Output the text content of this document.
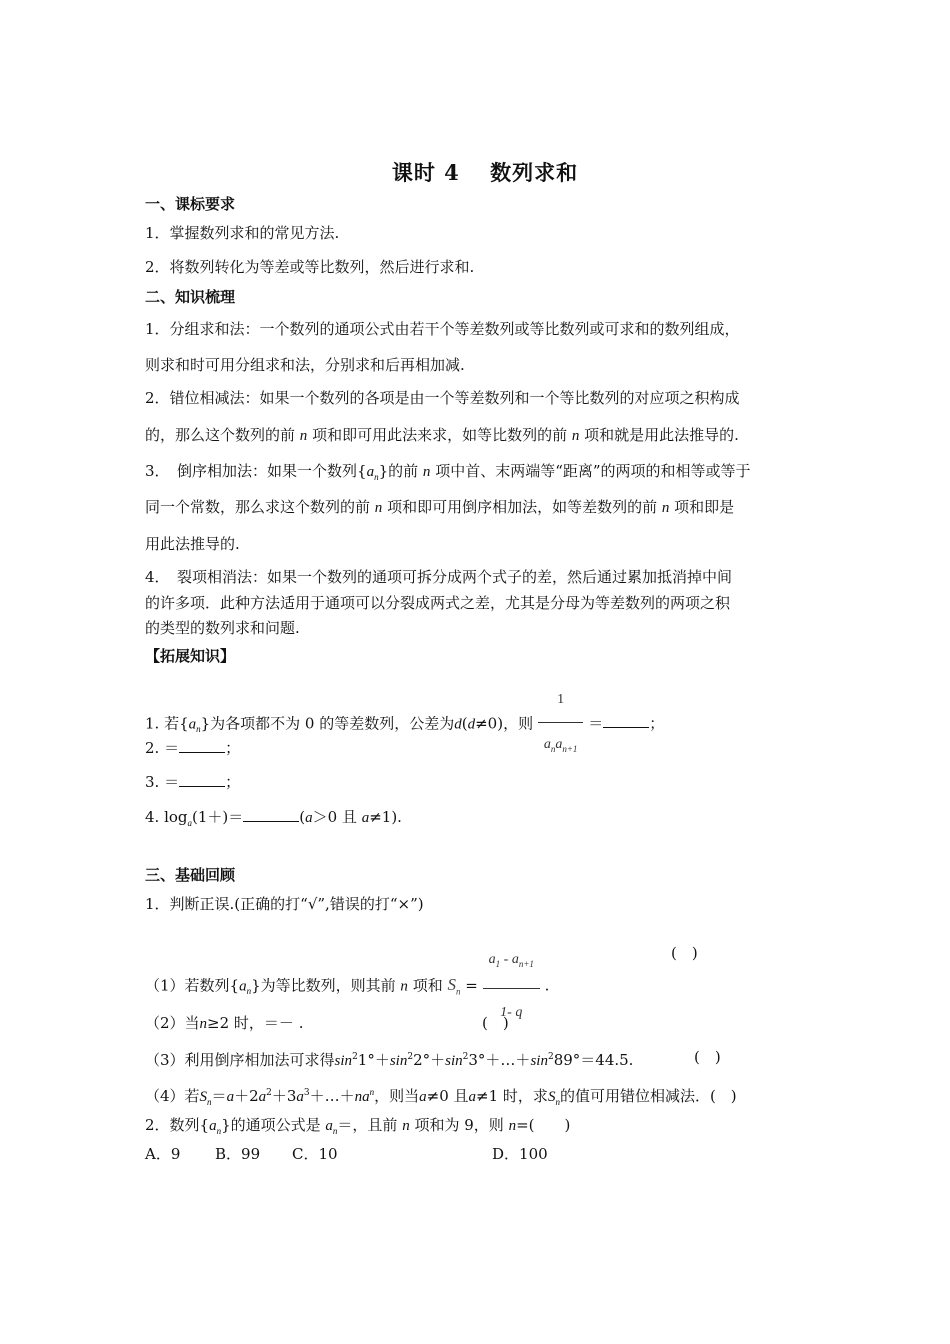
课时 4　 数列求和
一、课标要求
1．掌握数列求和的常见方法.
2．将数列转化为等差或等比数列，然后进行求和.
二、知识梳理
1．分组求和法：一个数列的通项公式由若干个等差数列或等比数列或可求和的数列组成，
则求和时可用分组求和法，分别求和后再相加减.
2．错位相减法：如果一个数列的各项是由一个等差数列和一个等比数列的对应项之积构成
的，那么这个数列的前 n 项和即可用此法来求，如等比数列的前 n 项和就是用此法推导的.
3．　倒序相加法：如果一个数列$\{a_n\}$的前 n 项中首、末两端等“距离”的两项的和相等或等于
同一个常数，那么求这个数列的前 n 项和即可用倒序相加法，如等差数列的前 n 项和即是
用此法推导的.
4．　裂项相消法：如果一个数列的通项可拆分成两个式子的差，然后通过累加抵消掉中间
的许多项．此种方法适用于通项可以分裂成两式之差，尤其是分母为等差数列的两项之积
的类型的数列求和问题.
【拓展知识】
1. 若$\{a_n\}$为各项都不为 0 的等差数列，公差为d(d≠0)，则 $\frac{1}{a_na_{n+1}}$ ＝	；
2. ＝	；
3. ＝	；
4. $\log_a(1+)=$	(a＞0 且 a≠1).
三、基础回顾
1．判断正误.(正确的打“√”,错误的打“×”)
（1）若数列$\{a_n\}$为等比数列，则其前 n 项和 $S_n = \frac{a_1 - a_{n+1}}{1- q}$ .
(　)
（2）当n≥2 时，＝－ .	(　)
（3）利用倒序相加法可求得$\sin^21^\circ+\sin^22^\circ+\sin^23^\circ+\dots+\sin^289^\circ=44.5$.	(　)
（4）若$S_n=a+2a^2+3a^3+\dots+na^n$，则当a≠0 且a≠1 时，求$S_n$的值可用错位相减法．(　)
2．数列$\{a_n\}$的通项公式是 $a_n=$，且前 n 项和为 9，则 n=(　　)
A．9 B．99 C．10	D．100
